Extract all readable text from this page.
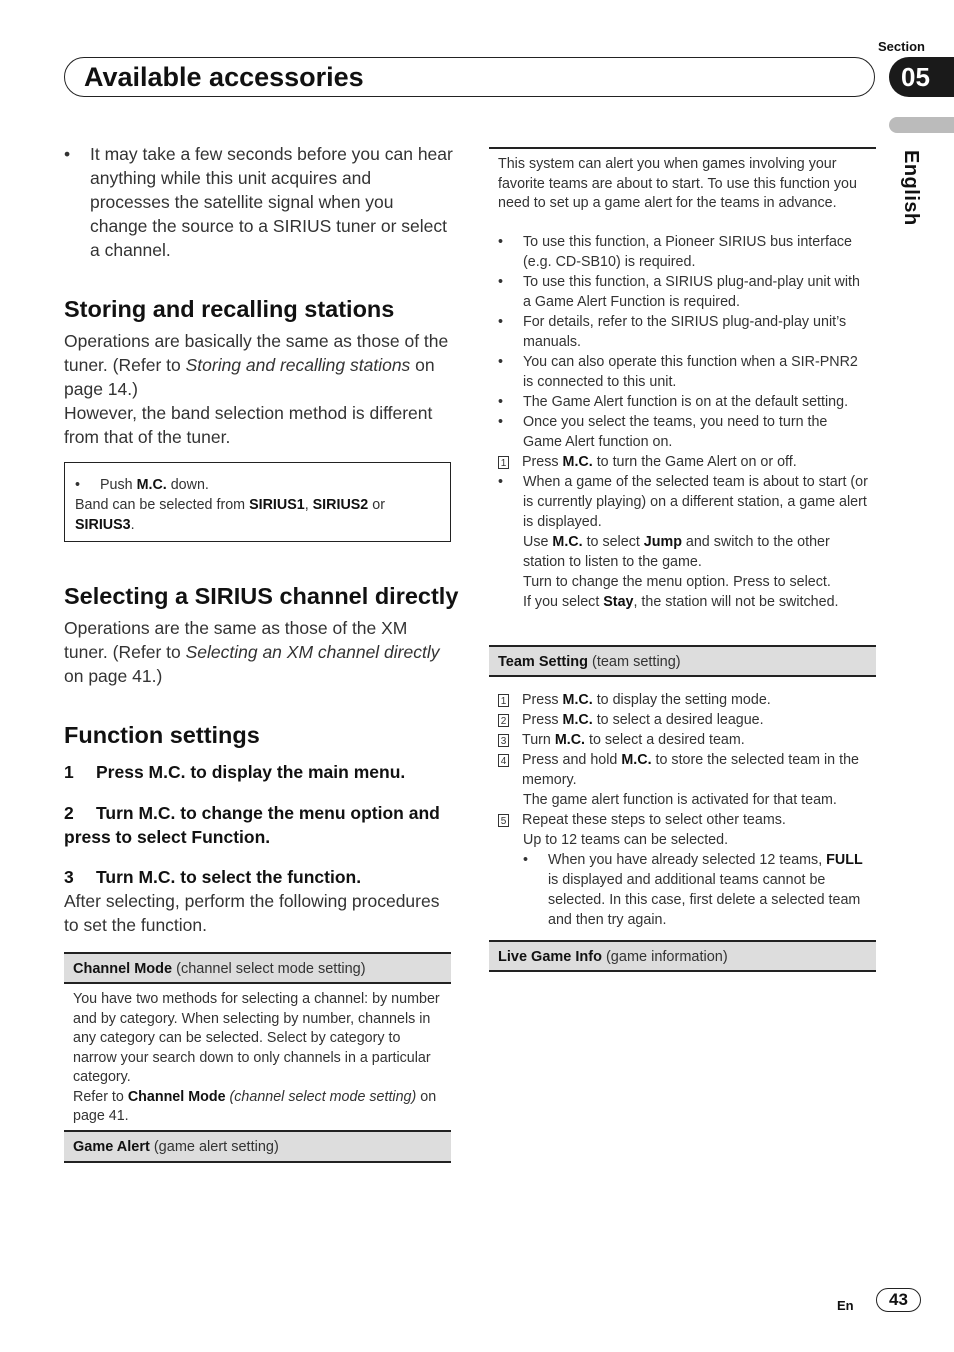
Section
05
Available accessories
English
•	It may take a few seconds before you can hear anything while this unit acquires and processes the satellite signal when you change the source to a SIRIUS tuner or select a channel.
Storing and recalling stations
Operations are basically the same as those of the tuner. (Refer to Storing and recalling stations on page 14.)
However, the band selection method is different from that of the tuner.
•	Push M.C. down.
Band can be selected from SIRIUS1, SIRIUS2 or SIRIUS3.
Selecting a SIRIUS channel directly
Operations are the same as those of the XM tuner. (Refer to Selecting an XM channel directly on page 41.)
Function settings
1 Press M.C. to display the main menu.
2 Turn M.C. to change the menu option and press to select Function.
3 Turn M.C. to select the function.
After selecting, perform the following procedures to set the function.
Channel Mode (channel select mode setting)
You have two methods for selecting a channel: by number and by category. When selecting by number, channels in any category can be selected. Select by category to narrow your search down to only channels in a particular category.
Refer to Channel Mode (channel select mode setting) on page 41.
Game Alert (game alert setting)
This system can alert you when games involving your favorite teams are about to start. To use this function you need to set up a game alert for the teams in advance.
•	To use this function, a Pioneer SIRIUS bus interface (e.g. CD-SB10) is required.
•	To use this function, a SIRIUS plug-and-play unit with a Game Alert Function is required.
•	For details, refer to the SIRIUS plug-and-play unit’s manuals.
•	You can also operate this function when a SIR-PNR2 is connected to this unit.
•	The Game Alert function is on at the default setting.
•	Once you select the teams, you need to turn the Game Alert function on.
1 Press M.C. to turn the Game Alert on or off.
•	When a game of the selected team is about to start (or is currently playing) on a different station, a game alert is displayed.
Use M.C. to select Jump and switch to the other station to listen to the game.
Turn to change the menu option. Press to select.
If you select Stay, the station will not be switched.
Team Setting (team setting)
1 Press M.C. to display the setting mode.
2 Press M.C. to select a desired league.
3 Turn M.C. to select a desired team.
4 Press and hold M.C. to store the selected team in the memory.
The game alert function is activated for that team.
5 Repeat these steps to select other teams.
Up to 12 teams can be selected.
•	When you have already selected 12 teams, FULL is displayed and additional teams cannot be selected. In this case, first delete a selected team and then try again.
Live Game Info (game information)
En	43
